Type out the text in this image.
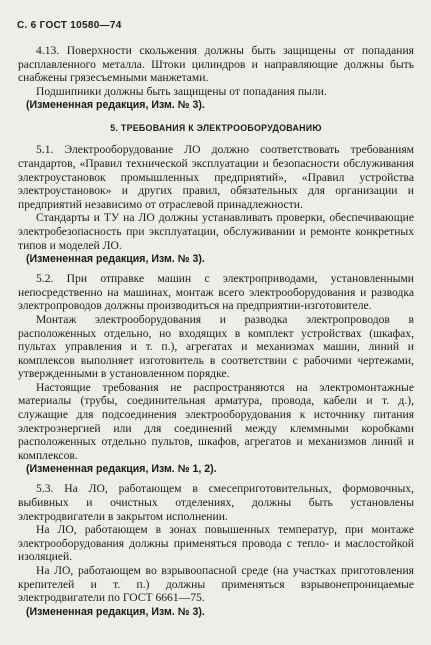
С. 6 ГОСТ 10580—74

4.13. Поверхности скольжения должны быть защищены от попадания расплавленного металла. Штоки цилиндров и направляющие должны быть снабжены грязесъемными манжетами.

Подшипники должны быть защищены от попадания пыли.

(Измененная редакция, Изм. № 3).

5. ТРЕБОВАНИЯ К ЭЛЕКТРООБОРУДОВАНИЮ

5.1. Электрооборудование ЛО должно соответствовать требованиям стандартов, «Правил технической эксплуатации и безопасности обслуживания электроустановок промышленных предприятий», «Правил устройства электроустановок» и других правил, обязательных для организации и предприятий независимо от отраслевой принадлежности.

Стандарты и ТУ на ЛО должны устанавливать проверки, обеспечивающие электробезопасность при эксплуатации, обслуживании и ремонте конкретных типов и моделей ЛО.

(Измененная редакция, Изм. № 3).

5.2. При отправке машин с электроприводами, установленными непосредственно на машинах, монтаж всего электрооборудования и разводка электропроводов должны производиться на предприятии-изготовителе.

Монтаж электрооборудования и разводка электропроводов в расположенных отдельно, но входящих в комплект устройствах (шкафах, пультах управления и т. п.), агрегатах и механизмах машин, линий и комплексов выполняет изготовитель в соответствии с рабочими чертежами, утвержденными в установленном порядке.

Настоящие требования не распространяются на электромонтажные материалы (трубы, соединительная арматура, провода, кабели и т. д.), служащие для подсоединения электрооборудования к источнику питания электроэнергией или для соединений между клеммными коробками расположенных отдельно пультов, шкафов, агрегатов и механизмов линий и комплексов.

(Измененная редакция, Изм. № 1, 2).

5.3. На ЛО, работающем в смесеприготовительных, формовочных, выбивных и очистных отделениях, должны быть установлены электродвигатели в закрытом исполнении.

На ЛО, работающем в зонах повышенных температур, при монтаже электрооборудования должны применяться провода с тепло- и маслостойкой изоляцией.

На ЛО, работающем во взрывоопасной среде (на участках приготовления крепителей и т. п.) должны применяться взрывонепроницаемые электродвигатели по ГОСТ 6661—75.

(Измененная редакция, Изм. № 3).
